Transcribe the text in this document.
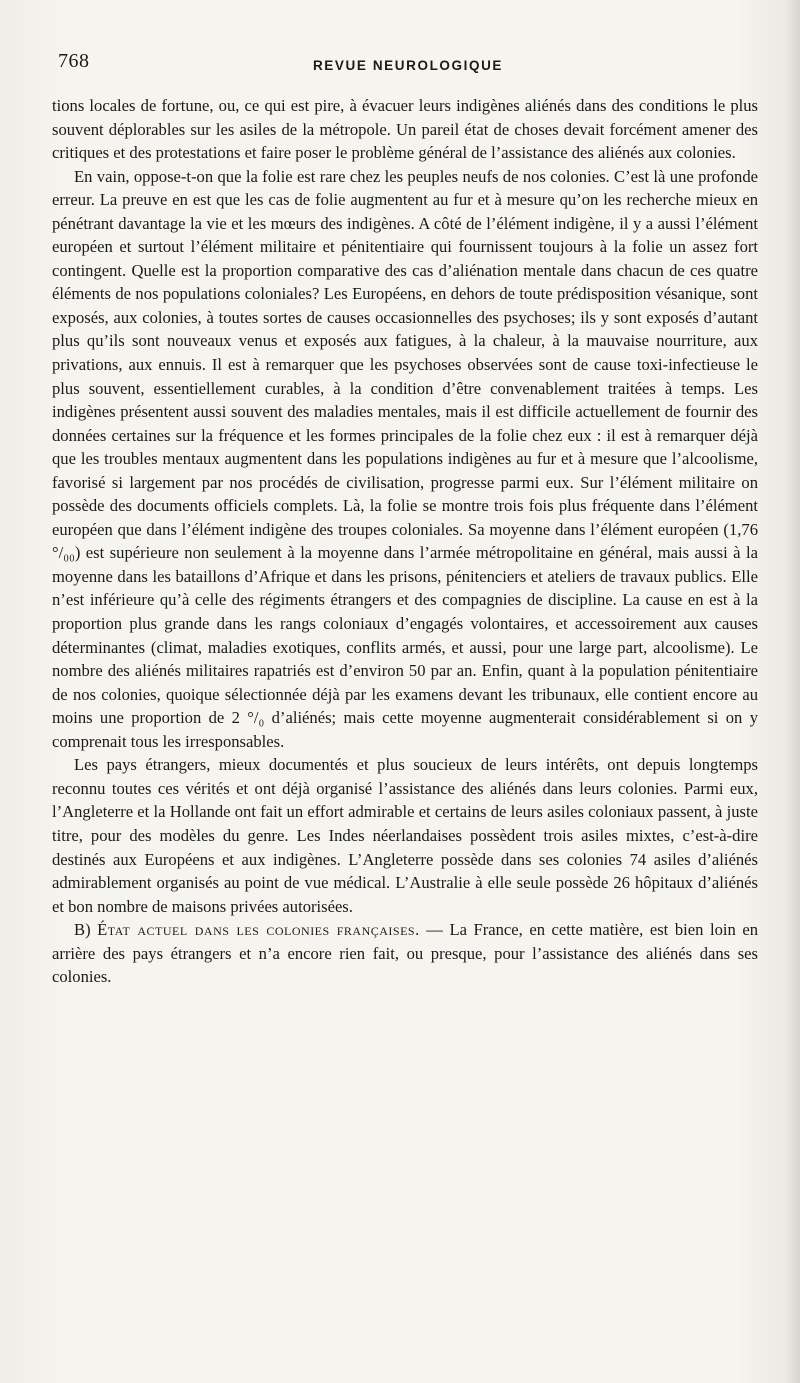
768	REVUE NEUROLOGIQUE

tions locales de fortune, ou, ce qui est pire, à évacuer leurs indigènes aliénés dans des conditions le plus souvent déplorables sur les asiles de la métropole. Un pareil état de choses devait forcément amener des critiques et des protestations et faire poser le problème général de l’assistance des aliénés aux colonies.

En vain, oppose-t-on que la folie est rare chez les peuples neufs de nos colonies. C’est là une profonde erreur. La preuve en est que les cas de folie augmentent au fur et à mesure qu’on les recherche mieux en pénétrant davantage la vie et les mœurs des indigènes. A côté de l’élément indigène, il y a aussi l’élément européen et surtout l’élément militaire et pénitentiaire qui fournissent toujours à la folie un assez fort contingent. Quelle est la proportion comparative des cas d’aliénation mentale dans chacun de ces quatre éléments de nos populations coloniales? Les Européens, en dehors de toute prédisposition vésanique, sont exposés, aux colonies, à toutes sortes de causes occasionnelles des psychoses; ils y sont exposés d’autant plus qu’ils sont nouveaux venus et exposés aux fatigues, à la chaleur, à la mauvaise nourriture, aux privations, aux ennuis. Il est à remarquer que les psychoses observées sont de cause toxi-infectieuse le plus souvent, essentiellement curables, à la condition d’être convenablement traitées à temps. Les indigènes présentent aussi souvent des maladies mentales, mais il est difficile actuellement de fournir des données certaines sur la fréquence et les formes principales de la folie chez eux : il est à remarquer déjà que les troubles mentaux augmentent dans les populations indigènes au fur et à mesure que l’alcoolisme, favorisé si largement par nos procédés de civilisation, progresse parmi eux. Sur l’élément militaire on possède des documents officiels complets. Là, la folie se montre trois fois plus fréquente dans l’élément européen que dans l’élément indigène des troupes coloniales. Sa moyenne dans l’élément européen (1,76 °/₀₀) est supérieure non seulement à la moyenne dans l’armée métropolitaine en général, mais aussi à la moyenne dans les bataillons d’Afrique et dans les prisons, pénitenciers et ateliers de travaux publics. Elle n’est inférieure qu’à celle des régiments étrangers et des compagnies de discipline. La cause en est à la proportion plus grande dans les rangs coloniaux d’engagés volontaires, et accessoirement aux causes déterminantes (climat, maladies exotiques, conflits armés, et aussi, pour une large part, alcoolisme). Le nombre des aliénés militaires rapatriés est d’environ 50 par an. Enfin, quant à la population pénitentiaire de nos colonies, quoique sélectionnée déjà par les examens devant les tribunaux, elle contient encore au moins une proportion de 2 °/₀ d’aliénés; mais cette moyenne augmenterait considérablement si on y comprenait tous les irresponsables.

Les pays étrangers, mieux documentés et plus soucieux de leurs intérêts, ont depuis longtemps reconnu toutes ces vérités et ont déjà organisé l’assistance des aliénés dans leurs colonies. Parmi eux, l’Angleterre et la Hollande ont fait un effort admirable et certains de leurs asiles coloniaux passent, à juste titre, pour des modèles du genre. Les Indes néerlandaises possèdent trois asiles mixtes, c’est-à-dire destinés aux Européens et aux indigènes. L’Angleterre possède dans ses colonies 74 asiles d’aliénés admirablement organisés au point de vue médical. L’Australie à elle seule possède 26 hôpitaux d’aliénés et bon nombre de maisons privées autorisées.

B) État actuel dans les colonies françaises. — La France, en cette matière, est bien loin en arrière des pays étrangers et n’a encore rien fait, ou presque, pour l’assistance des aliénés dans ses colonies.
